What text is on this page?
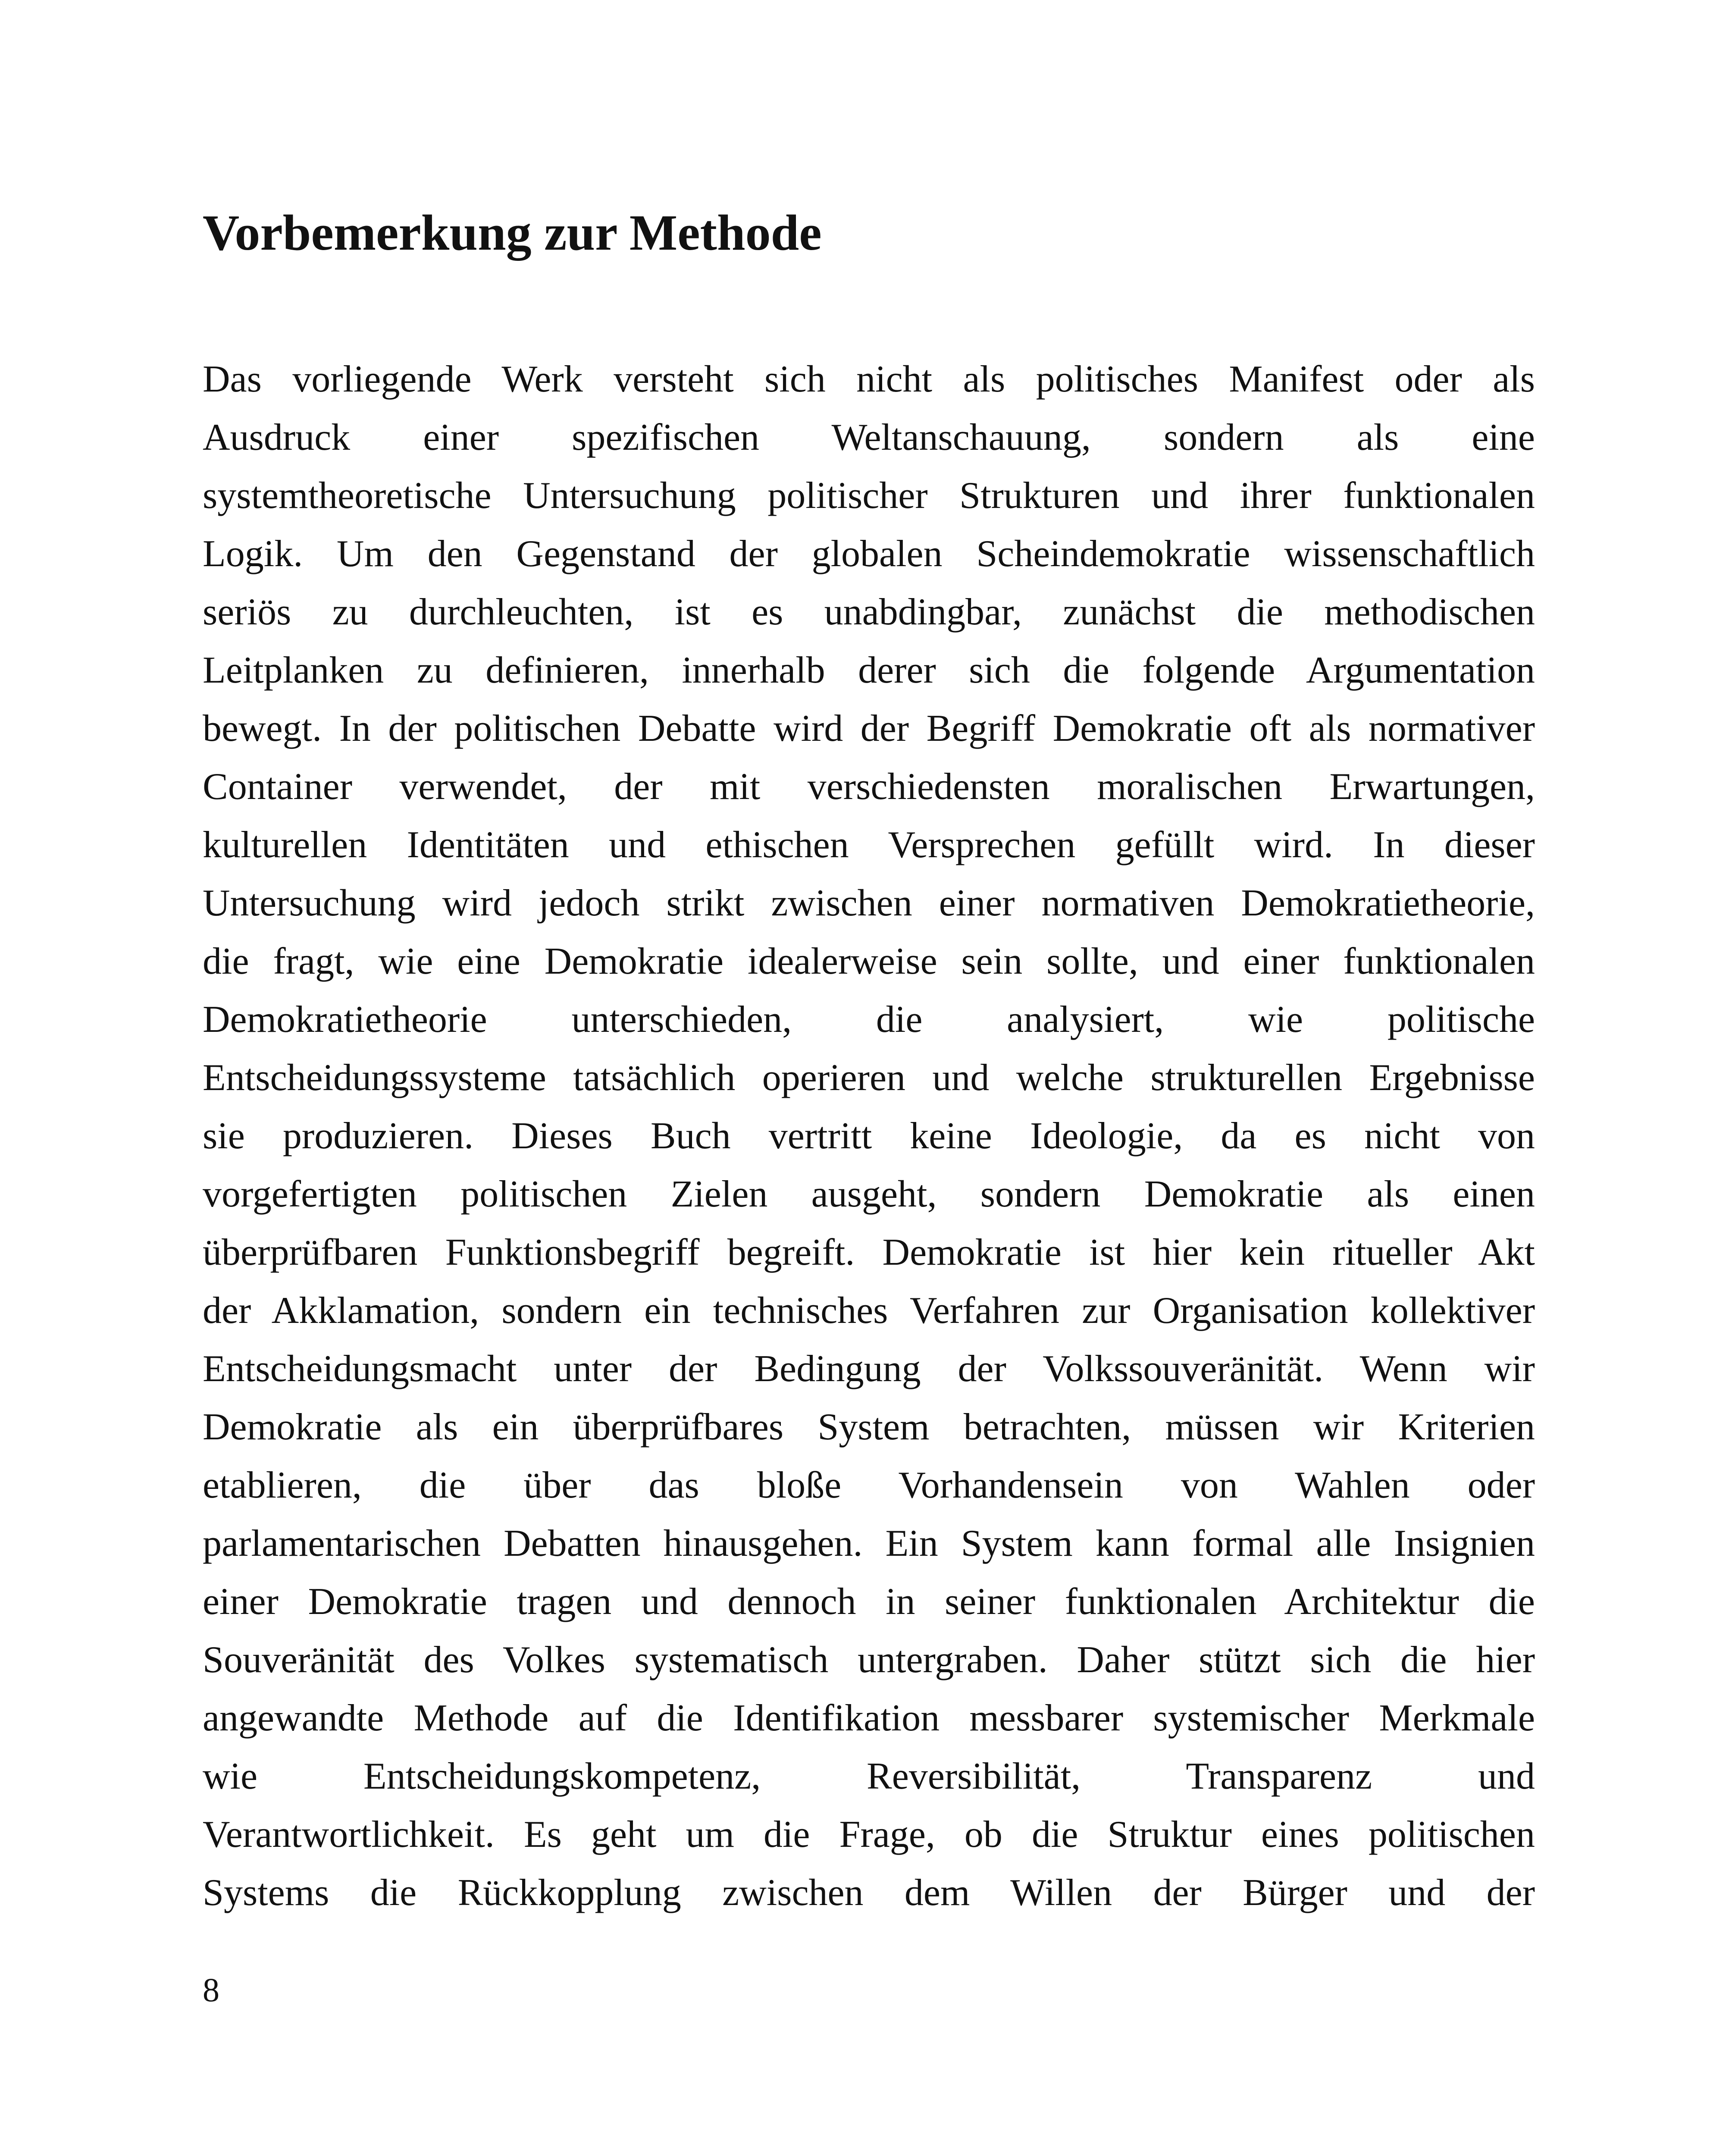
Vorbemerkung zur Methode
Das vorliegende Werk versteht sich nicht als politisches Manifest oder als
Ausdruck einer spezifischen Weltanschauung, sondern als eine
systemtheoretische Untersuchung politischer Strukturen und ihrer funktionalen
Logik. Um den Gegenstand der globalen Scheindemokratie wissenschaftlich
seriös zu durchleuchten, ist es unabdingbar, zunächst die methodischen
Leitplanken zu definieren, innerhalb derer sich die folgende Argumentation
bewegt. In der politischen Debatte wird der Begriff Demokratie oft als normativer
Container verwendet, der mit verschiedensten moralischen Erwartungen,
kulturellen Identitäten und ethischen Versprechen gefüllt wird. In dieser
Untersuchung wird jedoch strikt zwischen einer normativen Demokratietheorie,
die fragt, wie eine Demokratie idealerweise sein sollte, und einer funktionalen
Demokratietheorie unterschieden, die analysiert, wie politische
Entscheidungssysteme tatsächlich operieren und welche strukturellen Ergebnisse
sie produzieren. Dieses Buch vertritt keine Ideologie, da es nicht von
vorgefertigten politischen Zielen ausgeht, sondern Demokratie als einen
überprüfbaren Funktionsbegriff begreift. Demokratie ist hier kein ritueller Akt
der Akklamation, sondern ein technisches Verfahren zur Organisation kollektiver
Entscheidungsmacht unter der Bedingung der Volkssouveränität. Wenn wir
Demokratie als ein überprüfbares System betrachten, müssen wir Kriterien
etablieren, die über das bloße Vorhandensein von Wahlen oder
parlamentarischen Debatten hinausgehen. Ein System kann formal alle Insignien
einer Demokratie tragen und dennoch in seiner funktionalen Architektur die
Souveränität des Volkes systematisch untergraben. Daher stützt sich die hier
angewandte Methode auf die Identifikation messbarer systemischer Merkmale
wie Entscheidungskompetenz, Reversibilität, Transparenz und
Verantwortlichkeit. Es geht um die Frage, ob die Struktur eines politischen
Systems die Rückkopplung zwischen dem Willen der Bürger und der
8
